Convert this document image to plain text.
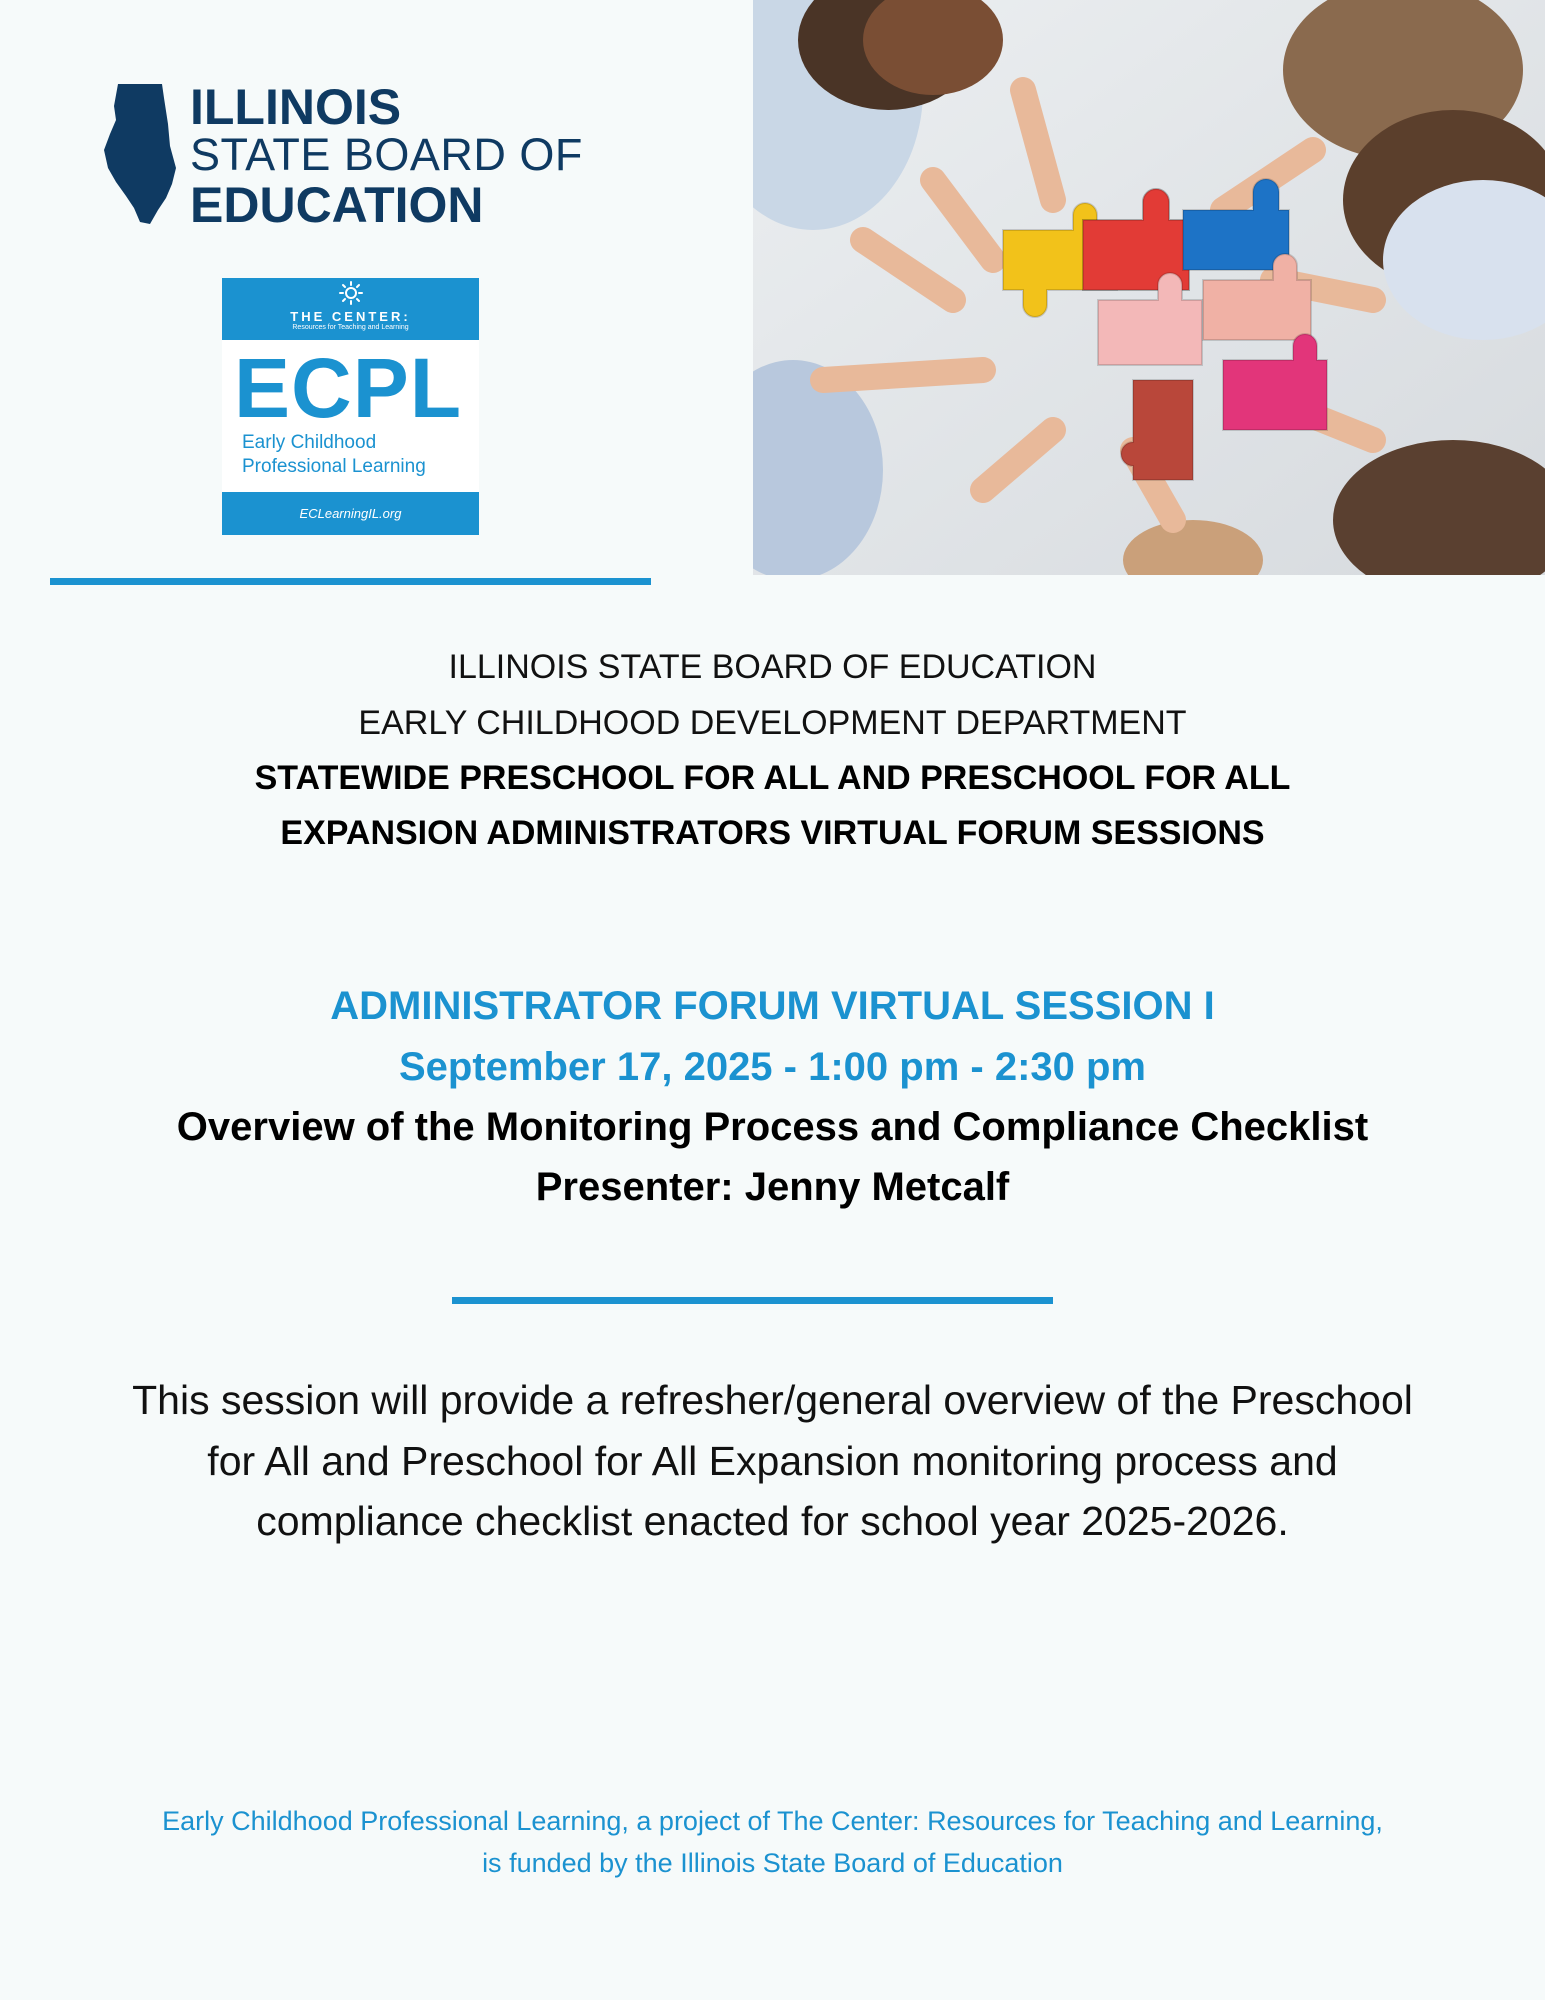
ILLINOIS
STATE BOARD OF
EDUCATION
THE CENTER:
Resources for Teaching and Learning
ECPL
Early Childhood
Professional Learning
ECLearningIL.org
ILLINOIS STATE BOARD OF EDUCATION
EARLY CHILDHOOD DEVELOPMENT DEPARTMENT
STATEWIDE PRESCHOOL FOR ALL AND PRESCHOOL FOR ALL
EXPANSION ADMINISTRATORS VIRTUAL FORUM SESSIONS
ADMINISTRATOR FORUM VIRTUAL SESSION I
September 17, 2025 - 1:00 pm - 2:30 pm
Overview of the Monitoring Process and Compliance Checklist
Presenter: Jenny Metcalf
This session will provide a refresher/general overview of the Preschool
for All and Preschool for All Expansion monitoring process and
compliance checklist enacted for school year 2025-2026.
Early Childhood Professional Learning, a project of The Center: Resources for Teaching and Learning,
is funded by the Illinois State Board of Education
